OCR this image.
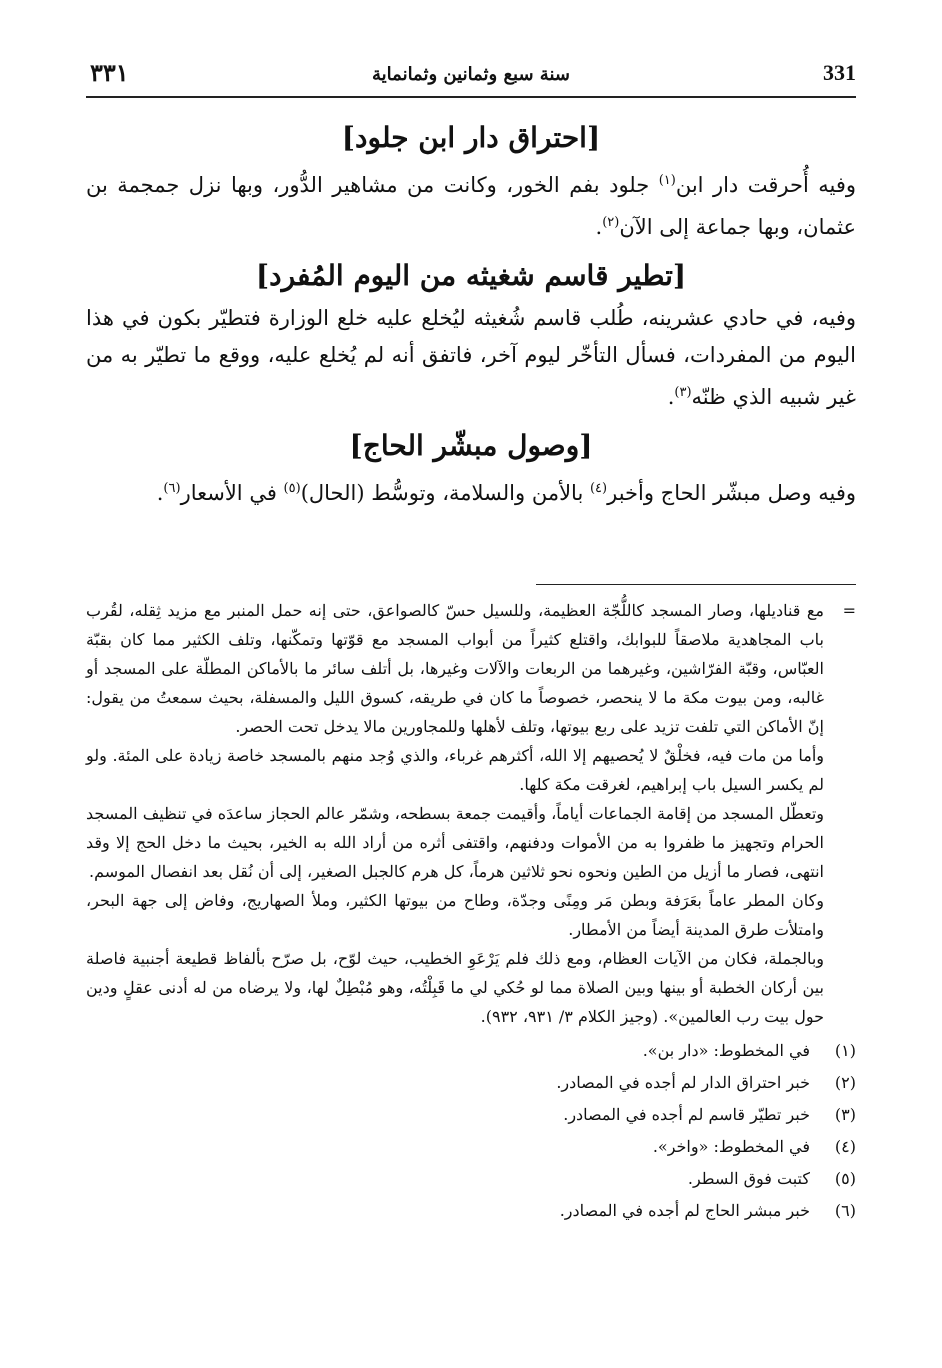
331
سنة سبع وثمانين وثمانماية
٣٣١
[احتراق دار ابن جلود]

وفيه أُحرقت دار ابن$^{(١)}$ جلود بفم الخور، وكانت من مشاهير الدُّور، وبها نزل جمجمة بن عثمان، وبها جماعة إلى الآن$^{(٢)}$.

[تطير قاسم شغيثه من اليوم المُفرد]

وفيه، في حادي عشرينه، طُلب قاسم شُغيثه ليُخلع عليه خلع الوزارة فتطيّر بكون في هذا اليوم من المفردات، فسأل التأخّر ليوم آخر، فاتفق أنه لم يُخلع عليه، ووقع ما تطيّر به من غير شبيه الذي ظنّه$^{(٣)}$.

[وصول مبشّر الحاج]

وفيه وصل مبشّر الحاج وأخبر$^{(٤)}$ بالأمن والسلامة، وتوسُّط (الحال)$^{(٥)}$ في الأسعار$^{(٦)}$.

=

مع قناديلها، وصار المسجد كاللُّجّة العظيمة، وللسيل حسّ كالصواعق، حتى إنه حمل المنبر مع مزيد ثِقله، لقُرب باب المجاهدية ملاصقاً للبوابك، واقتلع كثيراً من أبواب المسجد مع قوّتها وتمكّنها، وتلف الكثير مما كان بقبّة العبّاس، وقبّة الفرّاشين، وغيرهما من الربعات والآلات وغيرها، بل أتلف سائر ما بالأماكن المطلّة على المسجد أو غالبه، ومن بيوت مكة ما لا ينحصر، خصوصاً ما كان في طريقه، كسوق الليل والمسفلة، بحيث سمعتُ من يقول: إنّ الأماكن التي تلفت تزيد على ربع بيوتها، وتلف لأهلها وللمجاورين مالا يدخل تحت الحصر.

وأما من مات فيه، فخلْقٌ لا يُحصيهم إلا الله، أكثرهم غرباء، والذي وُجد منهم بالمسجد خاصة زيادة على المئة. ولو لم يكسر السيل باب إبراهيم، لغرقت مكة كلها.

وتعطّل المسجد من إقامة الجماعات أياماً، وأقيمت جمعة بسطحه، وشمّر عالم الحجاز ساعدَه في تنظيف المسجد الحرام وتجهيز ما ظفروا به من الأموات ودفنهم، واقتفى أثره من أراد الله به الخير، بحيث ما دخل الحج إلا وقد انتهى، فصار ما أزيل من الطين ونحوه نحو ثلاثين هرماً، كل هرم كالجبل الصغير، إلى أن نُقل بعد انفصال الموسم.

وكان المطر عاماً بعَرَفة وبطن مَر ومِنًى وجدّة، وطاح من بيوتها الكثير، وملأ الصهاريج، وفاض إلى جهة البحر، وامتلأت طرق المدينة أيضاً من الأمطار.

وبالجملة، فكان من الآيات العظام، ومع ذلك فلم يَرْعَوِ الخطيب، حيث لوّح، بل صرّح بألفاظ قطيعة أجنبية فاصلة بين أركان الخطبة أو بينها وبين الصلاة مما لو حُكي لي ما قَبِلْتُه، وهو مُبْطِلٌ لها، ولا يرضاه من له أدنى عقلٍ ودين حول بيت رب العالمين». (وجيز الكلام ٣/ ٩٣١، ٩٣٢).

(١)
في المخطوط: «دار بن».
(٢)
خبر احتراق الدار لم أجده في المصادر.
(٣)
خبر تطيّر قاسم لم أجده في المصادر.
(٤)
في المخطوط: «واخر».
(٥)
كتبت فوق السطر.
(٦)
خبر مبشر الحاج لم أجده في المصادر.
